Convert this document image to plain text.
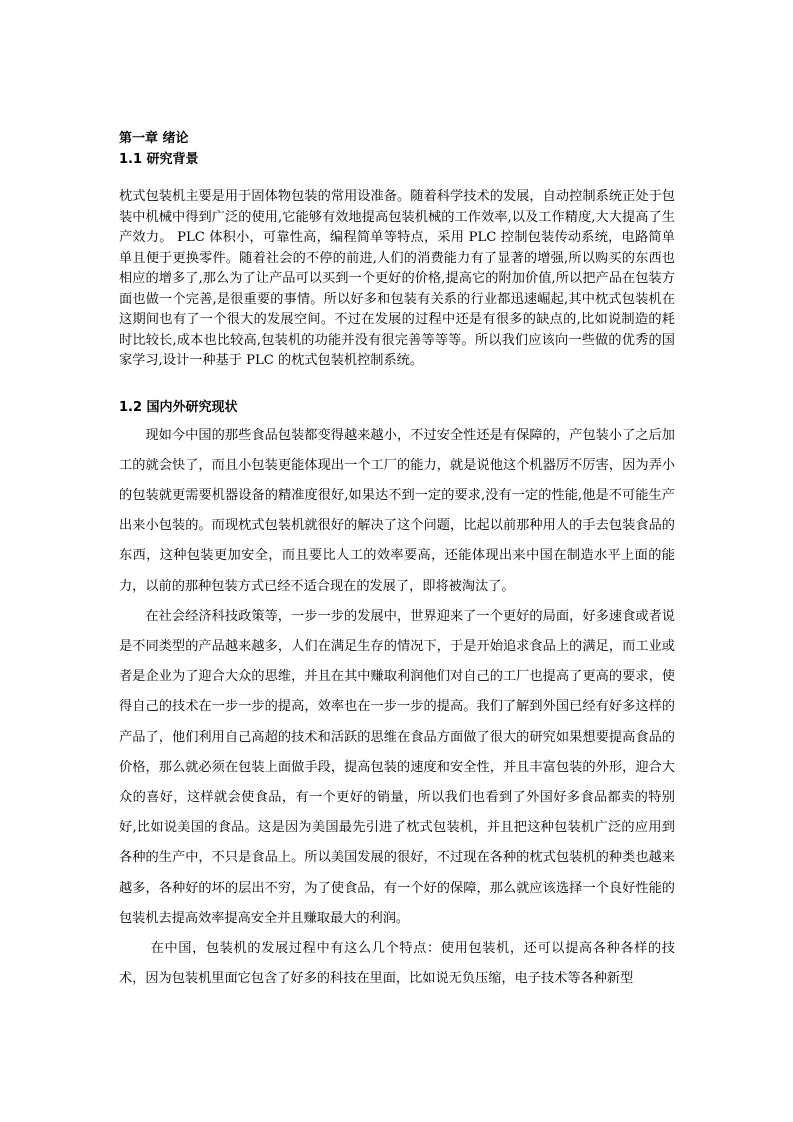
第一章 绪论
1.1 研究背景

枕式包装机主要是用于固体物包装的常用设准备。随着科学技术的发展，自动控制系统正处于包装中机械中得到广泛的使用,它能够有效地提高包装机械的工作效率,以及工作精度,大大提高了生产效力。 PLC 体积小，可靠性高，编程简单等特点，采用 PLC 控制包装传动系统，电路简单单且便于更换零件。随着社会的不停的前进,人们的消费能力有了显著的增强,所以购买的东西也相应的增多了,那么为了让产品可以买到一个更好的价格,提高它的附加价值,所以把产品在包装方面也做一个完善,是很重要的事情。所以好多和包装有关系的行业都迅速崛起,其中枕式包装机在这期间也有了一个很大的发展空间。不过在发展的过程中还是有很多的缺点的,比如说制造的耗时比较长,成本也比较高,包装机的功能并没有很完善等等等。所以我们应该向一些做的优秀的国家学习,设计一种基于 PLC 的枕式包装机控制系统。

1.2 国内外研究现状

现如今中国的那些食品包装都变得越来越小，不过安全性还是有保障的，产包装小了之后加工的就会快了，而且小包装更能体现出一个工厂的能力，就是说他这个机器厉不厉害，因为弄小的包装就更需要机器设备的精准度很好,如果达不到一定的要求,没有一定的性能,他是不可能生产出来小包装的。而现枕式包装机就很好的解决了这个问题，比起以前那种用人的手去包装食品的东西，这种包装更加安全，而且要比人工的效率要高，还能体现出来中国在制造水平上面的能力，以前的那种包装方式已经不适合现在的发展了，即将被淘汰了。

在社会经济科技政策等，一步一步的发展中，世界迎来了一个更好的局面，好多速食或者说是不同类型的产品越来越多，人们在满足生存的情况下，于是开始追求食品上的满足，而工业或者是企业为了迎合大众的思维，并且在其中赚取利润他们对自己的工厂也提高了更高的要求，使得自己的技术在一步一步的提高，效率也在一步一步的提高。我们了解到外国已经有好多这样的产品了，他们利用自己高超的技术和活跃的思维在食品方面做了很大的研究如果想要提高食品的价格，那么就必须在包装上面做手段，提高包装的速度和安全性，并且丰富包装的外形，迎合大众的喜好，这样就会使食品，有一个更好的销量，所以我们也看到了外国好多食品都卖的特别好,比如说美国的食品。这是因为美国最先引进了枕式包装机，并且把这种包装机广泛的应用到各种的生产中，不只是食品上。所以美国发展的很好，不过现在各种的枕式包装机的种类也越来越多，各种好的坏的层出不穷，为了使食品，有一个好的保障，那么就应该选择一个良好性能的包装机去提高效率提高安全并且赚取最大的利润。

在中国，包装机的发展过程中有这么几个特点：使用包装机，还可以提高各种各样的技术，因为包装机里面它包含了好多的科技在里面，比如说无负压缩，电子技术等各种新型
